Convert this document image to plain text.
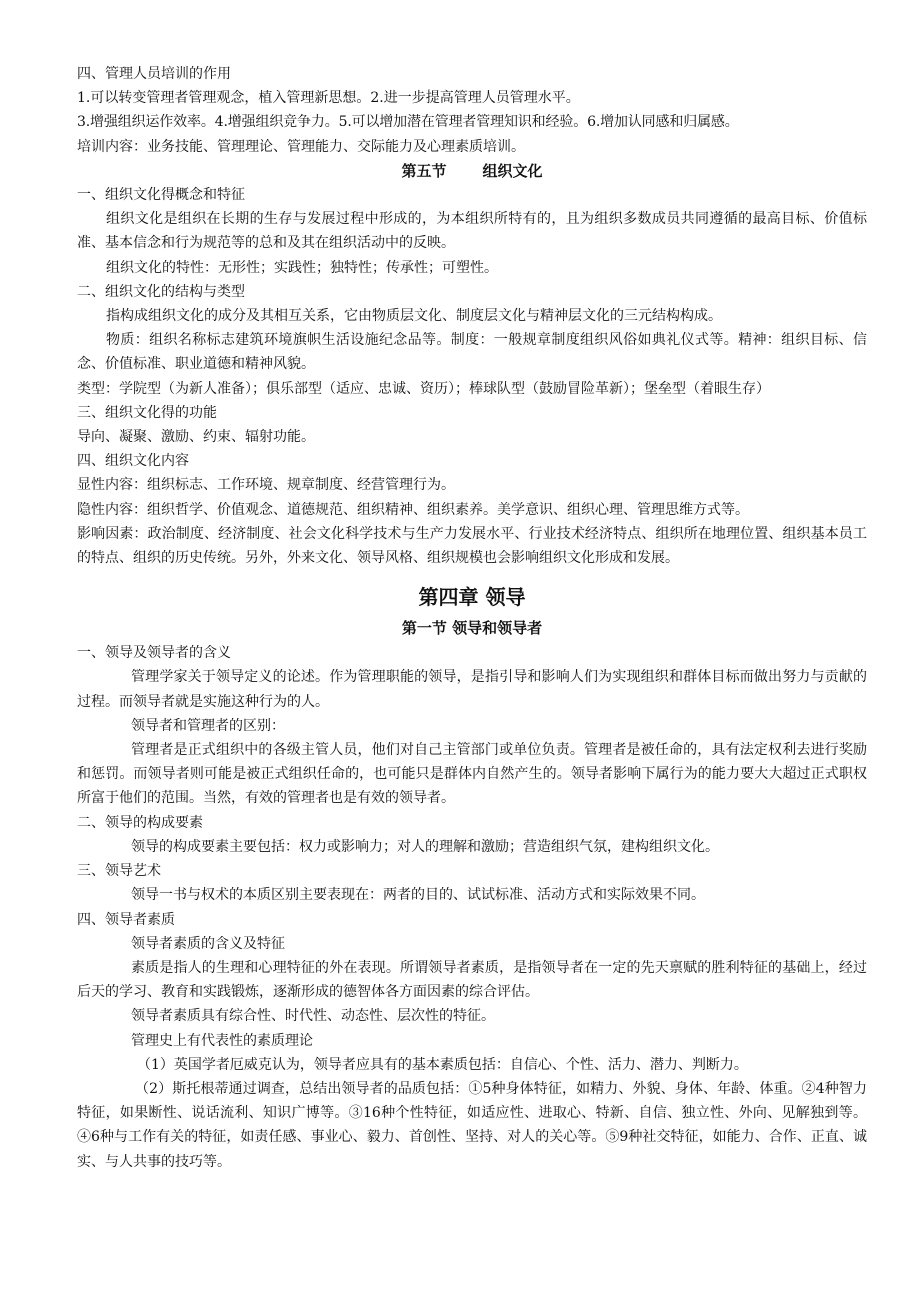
四、管理人员培训的作用

1.可以转变管理者管理观念，植入管理新思想。2.进一步提高管理人员管理水平。

3.增强组织运作效率。4.增强组织竞争力。5.可以增加潜在管理者管理知识和经验。6.增加认同感和归属感。

培训内容：业务技能、管理理论、管理能力、交际能力及心理素质培训。

第五节 组织文化

一、组织文化得概念和特征

组织文化是组织在长期的生存与发展过程中形成的，为本组织所特有的，且为组织多数成员共同遵循的最高目标、价值标准、基本信念和行为规范等的总和及其在组织活动中的反映。

组织文化的特性：无形性；实践性；独特性；传承性；可塑性。

二、组织文化的结构与类型

指构成组织文化的成分及其相互关系，它由物质层文化、制度层文化与精神层文化的三元结构构成。

物质：组织名称标志建筑环境旗帜生活设施纪念品等。制度：一般规章制度组织风俗如典礼仪式等。精神：组织目标、信念、价值标准、职业道德和精神风貌。

类型：学院型（为新人准备）；俱乐部型（适应、忠诚、资历）；棒球队型（鼓励冒险革新）；堡垒型（着眼生存）

三、组织文化得的功能

导向、凝聚、激励、约束、辐射功能。

四、组织文化内容

显性内容：组织标志、工作环境、规章制度、经营管理行为。

隐性内容：组织哲学、价值观念、道德规范、组织精神、组织素养。美学意识、组织心理、管理思维方式等。

影响因素：政治制度、经济制度、社会文化科学技术与生产力发展水平、行业技术经济特点、组织所在地理位置、组织基本员工的特点、组织的历史传统。另外，外来文化、领导风格、组织规模也会影响组织文化形成和发展。

第四章 领导

第一节 领导和领导者

一、领导及领导者的含义

管理学家关于领导定义的论述。作为管理职能的领导，是指引导和影响人们为实现组织和群体目标而做出努力与贡献的过程。而领导者就是实施这种行为的人。

领导者和管理者的区别：

管理者是正式组织中的各级主管人员，他们对自己主管部门或单位负责。管理者是被任命的，具有法定权利去进行奖励和惩罚。而领导者则可能是被正式组织任命的，也可能只是群体内自然产生的。领导者影响下属行为的能力要大大超过正式职权所富于他们的范围。当然，有效的管理者也是有效的领导者。

二、领导的构成要素

领导的构成要素主要包括：权力或影响力；对人的理解和激励；营造组织气氛，建构组织文化。

三、领导艺术

领导一书与权术的本质区别主要表现在：两者的目的、试试标准、活动方式和实际效果不同。

四、领导者素质

领导者素质的含义及特征

素质是指人的生理和心理特征的外在表现。所谓领导者素质，是指领导者在一定的先天禀赋的胜利特征的基础上，经过后天的学习、教育和实践锻炼，逐渐形成的德智体各方面因素的综合评估。

领导者素质具有综合性、时代性、动态性、层次性的特征。

管理史上有代表性的素质理论

（1）英国学者厄威克认为，领导者应具有的基本素质包括：自信心、个性、活力、潜力、判断力。

（2）斯托根蒂通过调查，总结出领导者的品质包括：①5种身体特征，如精力、外貌、身体、年龄、体重。②4种智力特征，如果断性、说话流利、知识广博等。③16种个性特征，如适应性、进取心、特新、自信、独立性、外向、见解独到等。④6种与工作有关的特征，如责任感、事业心、毅力、首创性、坚持、对人的关心等。⑤9种社交特征，如能力、合作、正直、诚实、与人共事的技巧等。
